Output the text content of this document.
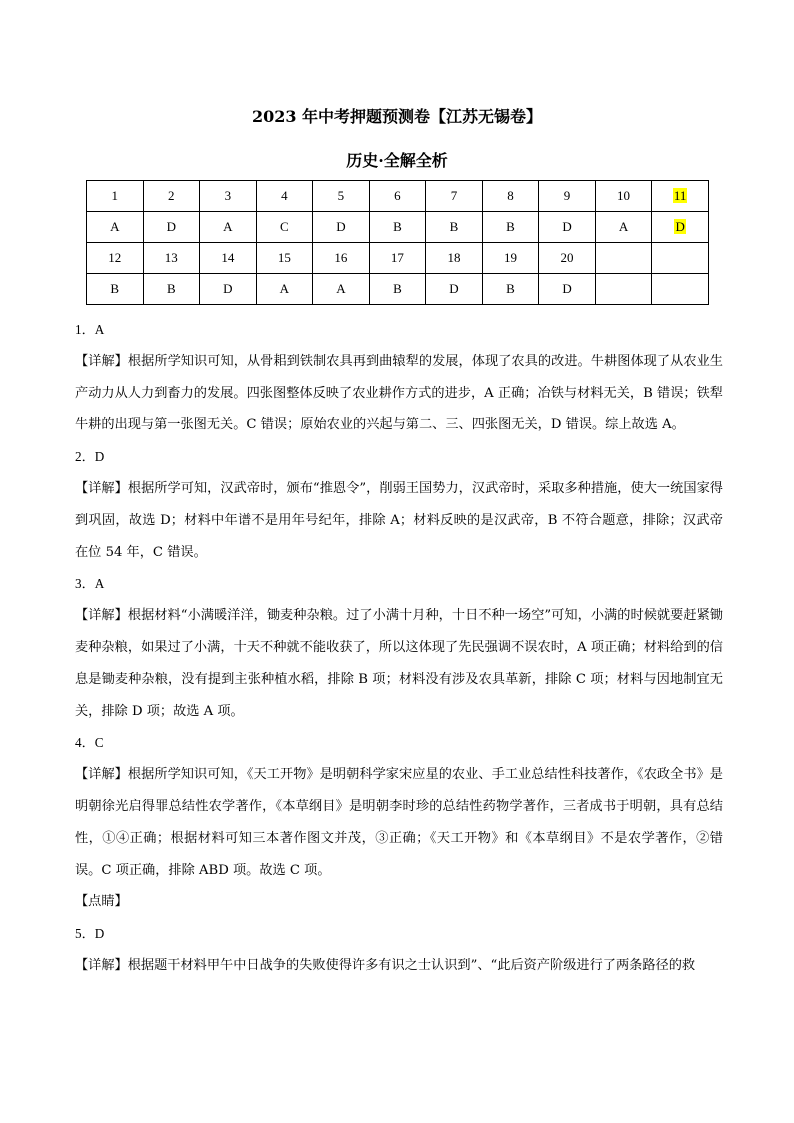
2023 年中考押题预测卷【江苏无锡卷】
历史·全解全析
1	2	3	4	5	6	7	8	9	10	11
A	D	A	C	D	B	B	B	D	A	D
12	13	14	15	16	17	18	19	20		
B	B	D	A	A	B	D	B	D		

1．A

【详解】根据所学知识可知，从骨耜到铁制农具再到曲辕犁的发展，体现了农具的改进。牛耕图体现了从农业生产动力从人力到畜力的发展。四张图整体反映了农业耕作方式的进步，A 正确；冶铁与材料无关，B 错误；铁犁牛耕的出现与第一张图无关。C 错误；原始农业的兴起与第二、三、四张图无关，D 错误。综上故选 A。

2．D

【详解】根据所学可知，汉武帝时，颁布“推恩令”，削弱王国势力，汉武帝时，采取多种措施，使大一统国家得到巩固，故选 D；材料中年谱不是用年号纪年，排除 A；材料反映的是汉武帝，B 不符合题意，排除；汉武帝在位 54 年，C 错误。

3．A

【详解】根据材料“小满暖洋洋，锄麦种杂粮。过了小满十月种，十日不种一场空”可知，小满的时候就要赶紧锄麦种杂粮，如果过了小满，十天不种就不能收获了，所以这体现了先民强调不误农时，A 项正确；材料给到的信息是锄麦种杂粮，没有提到主张种植水稻，排除 B 项；材料没有涉及农具革新，排除 C 项；材料与因地制宜无关，排除 D 项；故选 A 项。

4．C

【详解】根据所学知识可知，《天工开物》是明朝科学家宋应星的农业、手工业总结性科技著作，《农政全书》是明朝徐光启得罪总结性农学著作，《本草纲目》是明朝李时珍的总结性药物学著作，三者成书于明朝，具有总结性，①④正确；根据材料可知三本著作图文并茂，③正确；《天工开物》和《本草纲目》不是农学著作，②错误。C 项正确，排除 ABD 项。故选 C 项。

【点睛】

5．D

【详解】根据题干材料甲午中日战争的失败使得许多有识之士认识到”、“此后资产阶级进行了两条路径的救
